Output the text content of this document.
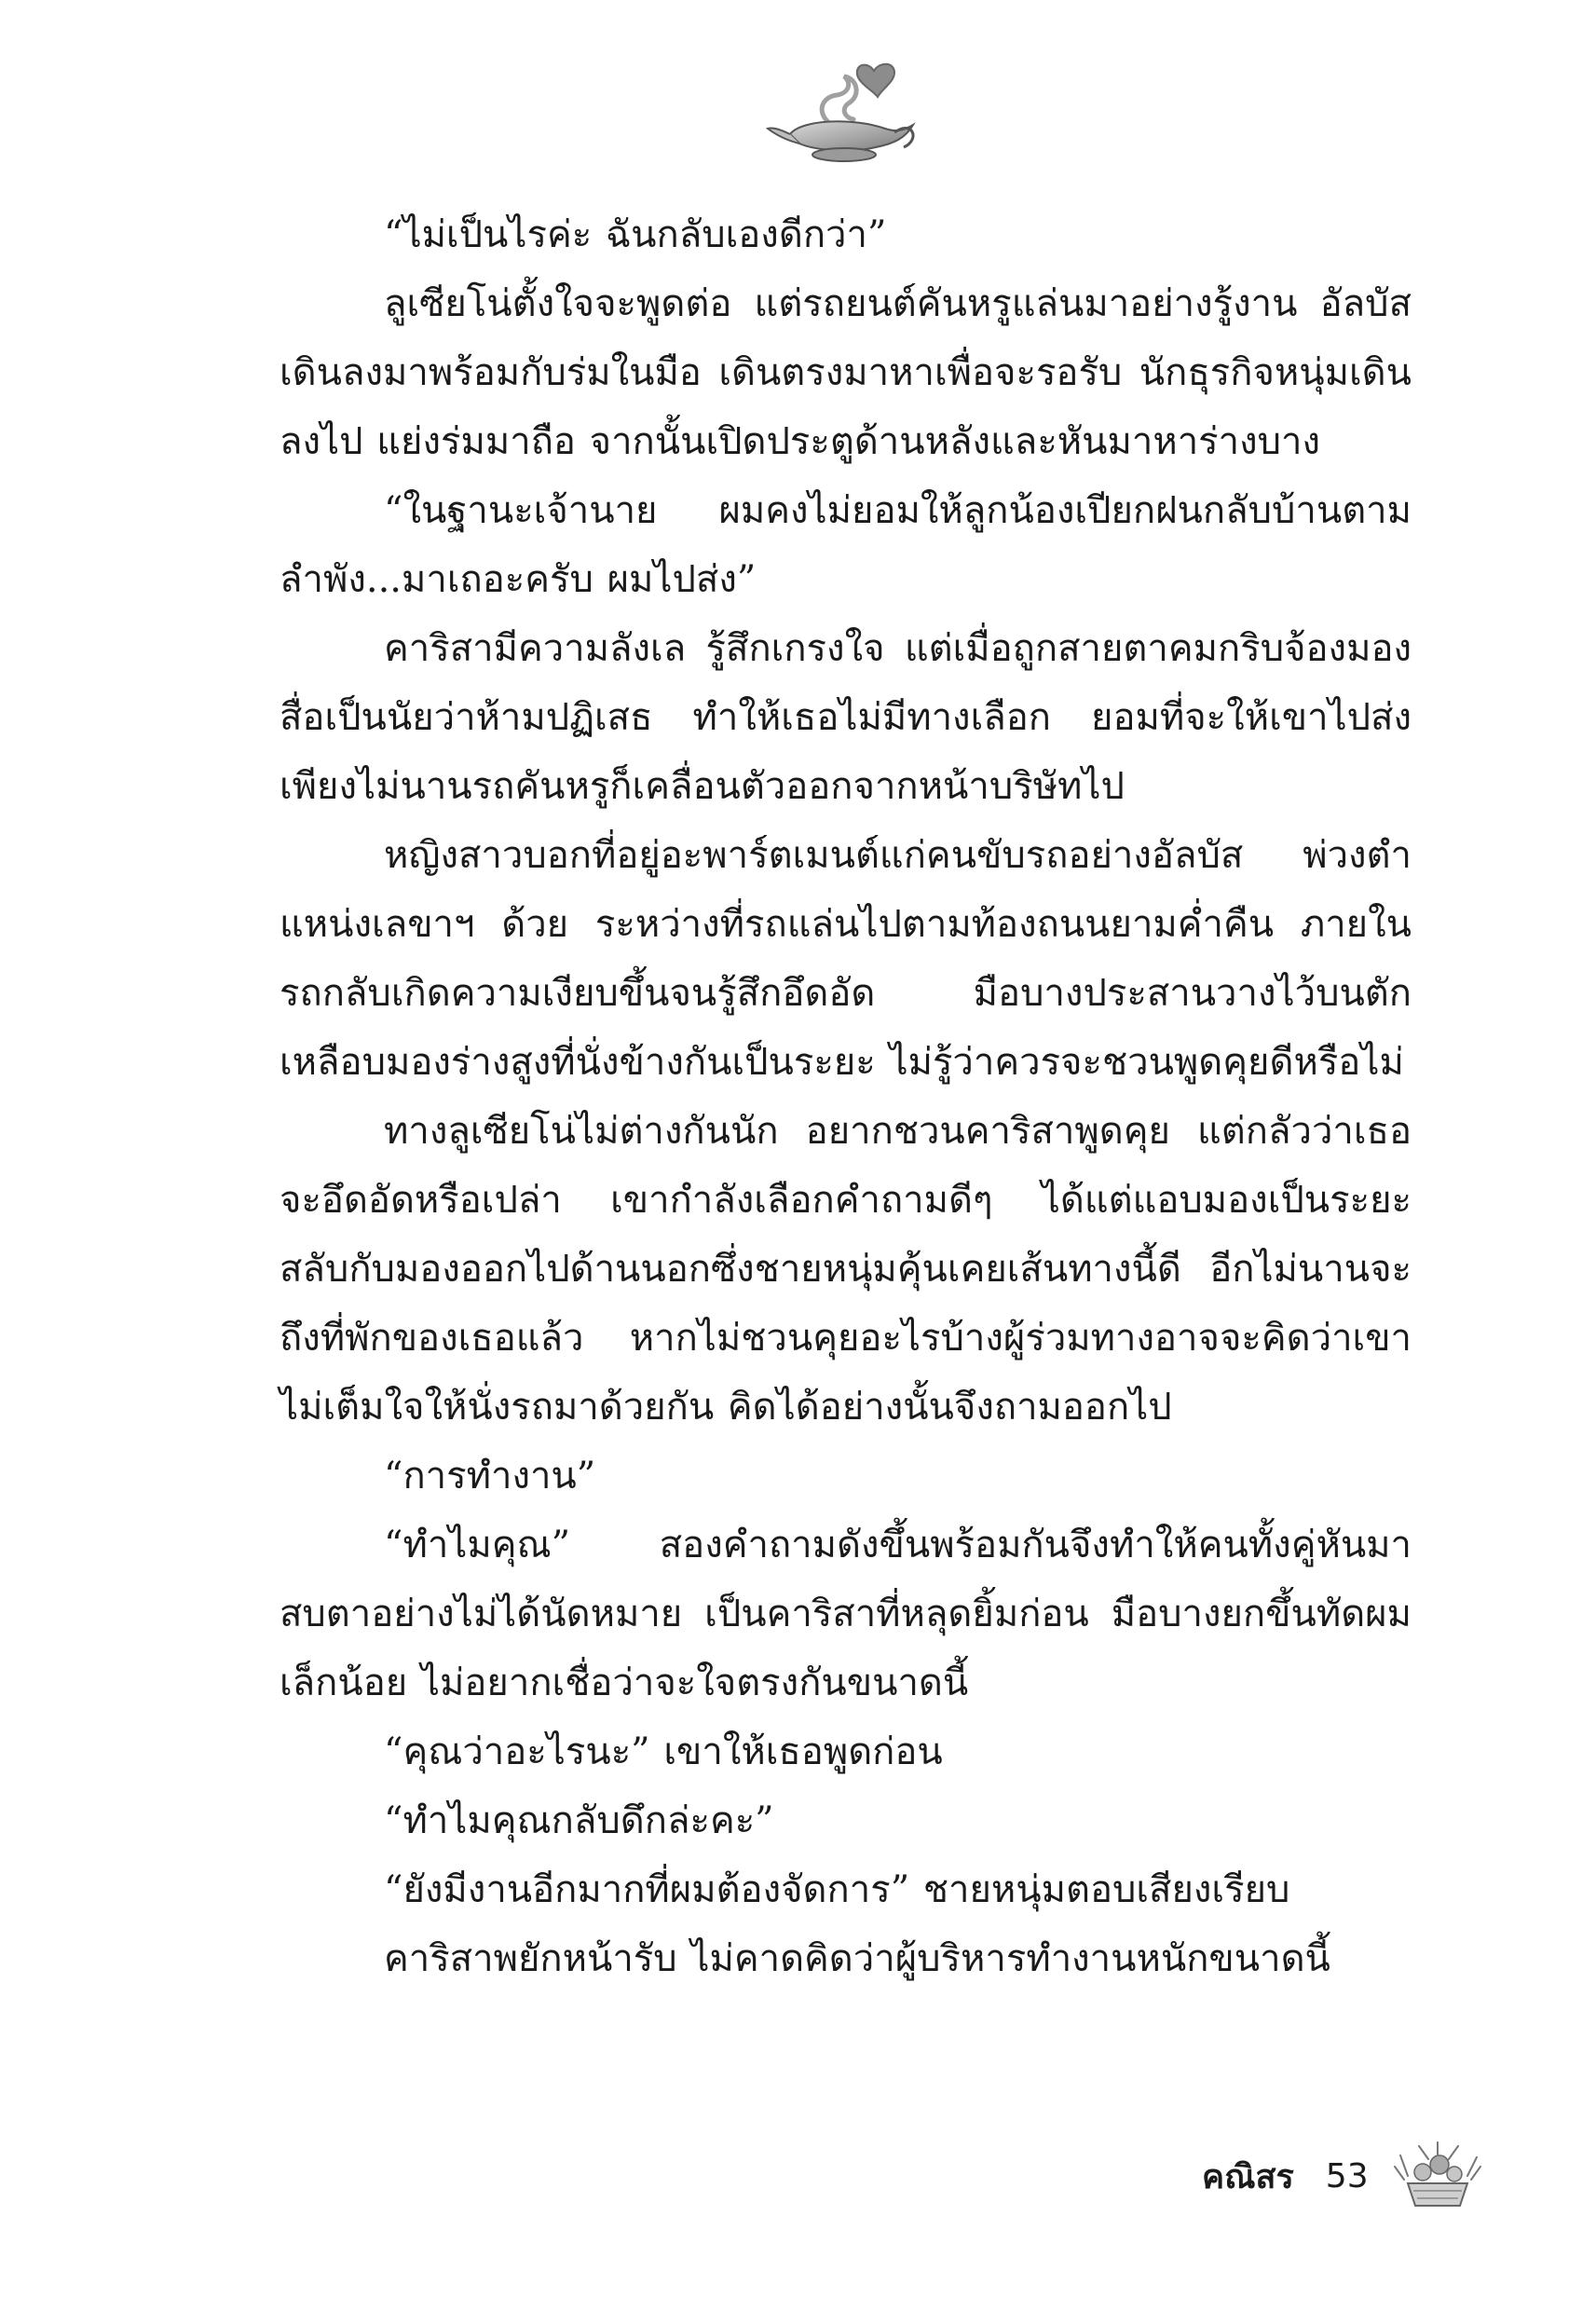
“ไม่เป็นไรค่ะ ฉันกลับเองดีกว่า”

ลูเซียโน่ตั้งใจจะพูดต่อ แต่รถยนต์คันหรูแล่นมาอย่างรู้งาน อัลบัสเดินลงมาพร้อมกับร่มในมือ เดินตรงมาหาเพื่อจะรอรับ นักธุรกิจหนุ่มเดินลงไป แย่งร่มมาถือ จากนั้นเปิดประตูด้านหลังและหันมาหาร่างบาง

“ในฐานะเจ้านาย ผมคงไม่ยอมให้ลูกน้องเปียกฝนกลับบ้านตามลำพัง...มาเถอะครับ ผมไปส่ง”

คาริสามีความลังเล รู้สึกเกรงใจ แต่เมื่อถูกสายตาคมกริบจ้องมองสื่อเป็นนัยว่าห้ามปฏิเสธ ทำให้เธอไม่มีทางเลือก ยอมที่จะให้เขาไปส่ง เพียงไม่นานรถคันหรูก็เคลื่อนตัวออกจากหน้าบริษัทไป

หญิงสาวบอกที่อยู่อะพาร์ตเมนต์แก่คนขับรถอย่างอัลบัส พ่วงตำแหน่งเลขาฯ ด้วย ระหว่างที่รถแล่นไปตามท้องถนนยามค่ำคืน ภายในรถกลับเกิดความเงียบขึ้นจนรู้สึกอึดอัด มือบางประสานวางไว้บนตัก เหลือบมองร่างสูงที่นั่งข้างกันเป็นระยะ ไม่รู้ว่าควรจะชวนพูดคุยดีหรือไม่

ทางลูเซียโน่ไม่ต่างกันนัก อยากชวนคาริสาพูดคุย แต่กลัวว่าเธอจะอึดอัดหรือเปล่า เขากำลังเลือกคำถามดีๆ ได้แต่แอบมองเป็นระยะ สลับกับมองออกไปด้านนอกซึ่งชายหนุ่มคุ้นเคยเส้นทางนี้ดี อีกไม่นานจะถึงที่พักของเธอแล้ว หากไม่ชวนคุยอะไรบ้างผู้ร่วมทางอาจจะคิดว่าเขาไม่เต็มใจให้นั่งรถมาด้วยกัน คิดได้อย่างนั้นจึงถามออกไป

“การทำงาน”

“ทำไมคุณ” สองคำถามดังขึ้นพร้อมกันจึงทำให้คนทั้งคู่หันมาสบตาอย่างไม่ได้นัดหมาย เป็นคาริสาที่หลุดยิ้มก่อน มือบางยกขึ้นทัดผมเล็กน้อย ไม่อยากเชื่อว่าจะใจตรงกันขนาดนี้

“คุณว่าอะไรนะ” เขาให้เธอพูดก่อน

“ทำไมคุณกลับดึกล่ะคะ”

“ยังมีงานอีกมากที่ผมต้องจัดการ” ชายหนุ่มตอบเสียงเรียบ

คาริสาพยักหน้ารับ ไม่คาดคิดว่าผู้บริหารทำงานหนักขนาดนี้

คณิสร 53
